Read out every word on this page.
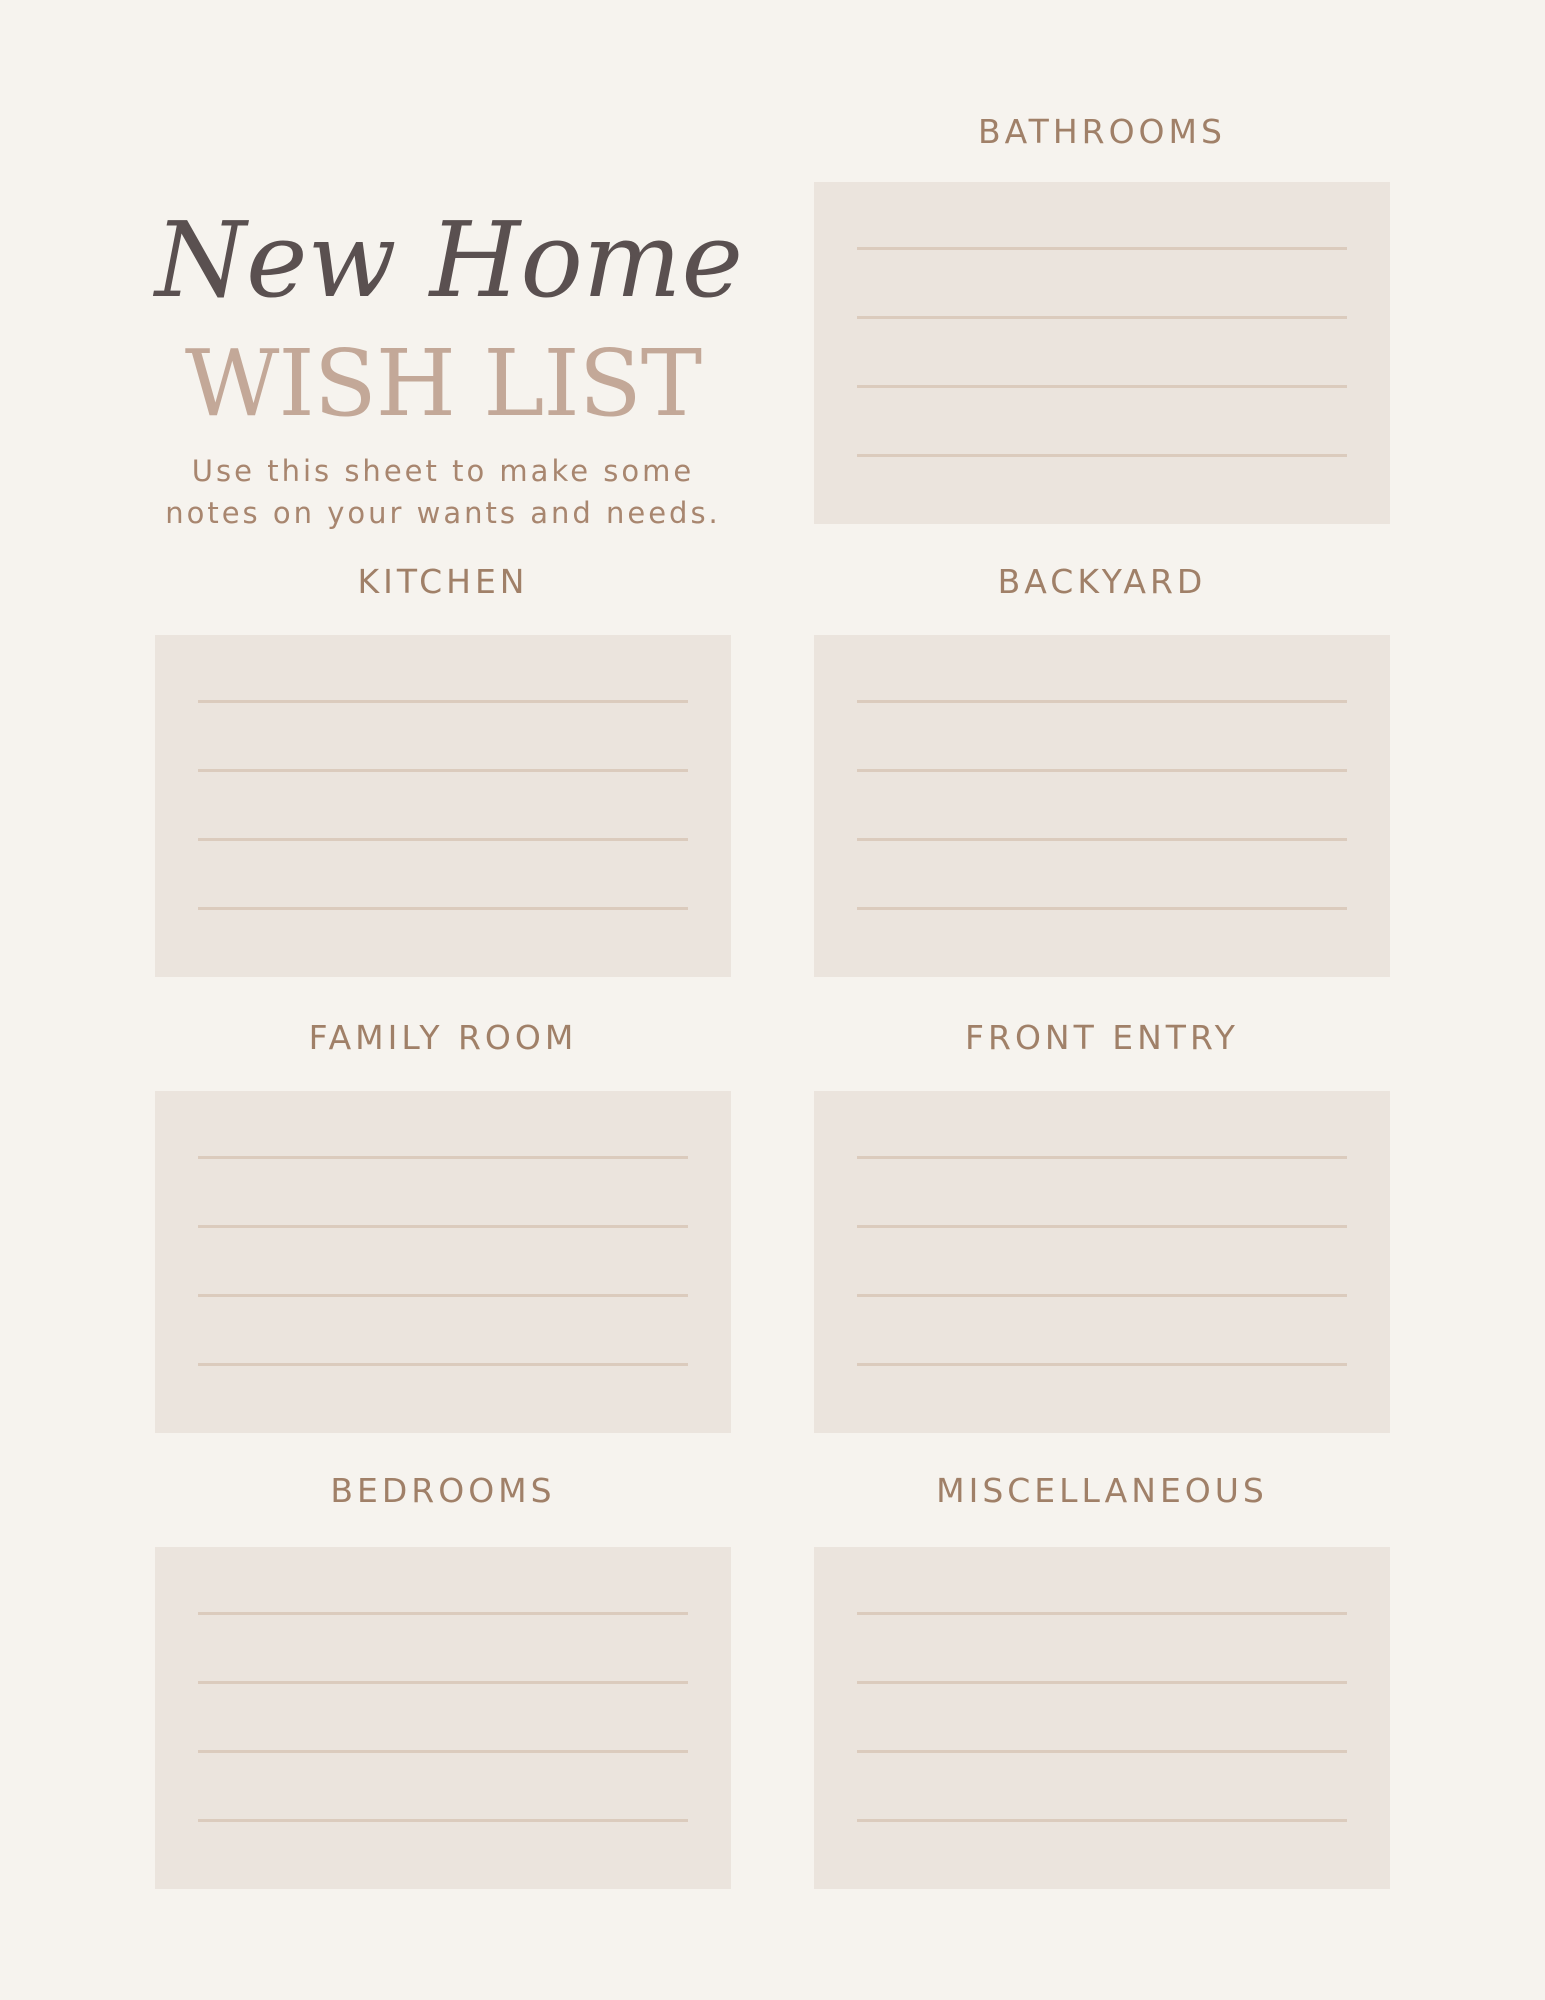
New Home
WISH LIST
Use this sheet to make some
notes on your wants and needs.
BATHROOMS
KITCHEN	BACKYARD
FAMILY ROOM	FRONT ENTRY
BEDROOMS	MISCELLANEOUS
